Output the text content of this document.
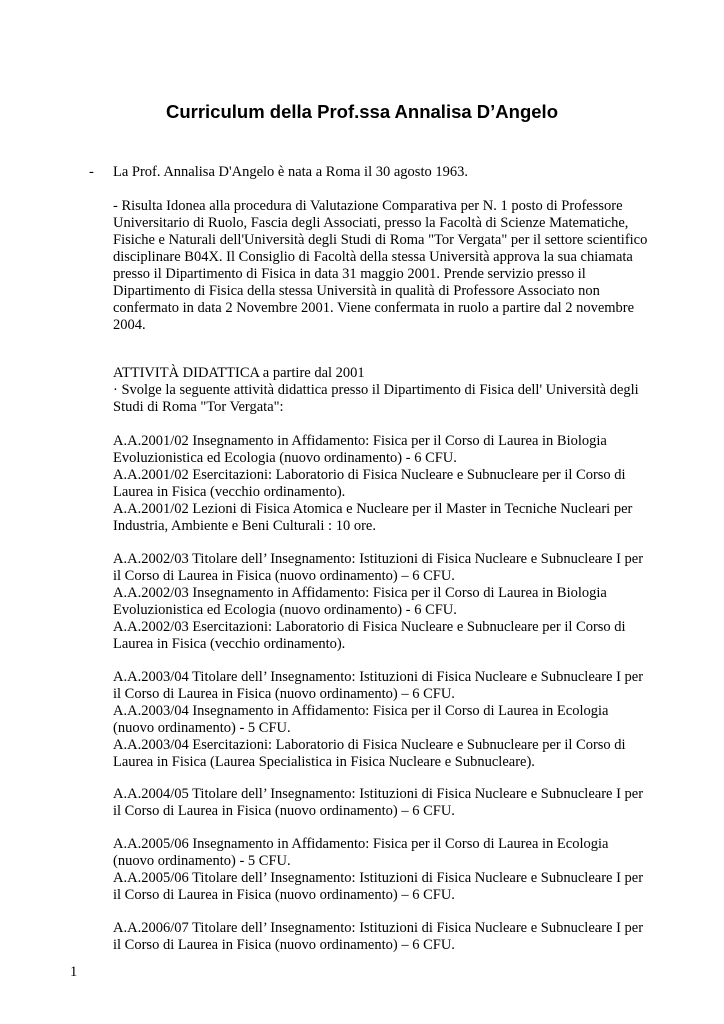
Curriculum della Prof.ssa Annalisa D’Angelo
- La Prof. Annalisa D'Angelo è nata a Roma il 30 agosto 1963.
- Risulta Idonea alla procedura di Valutazione Comparativa per N. 1 posto di Professore
Universitario di Ruolo, Fascia degli Associati, presso la Facoltà di Scienze Matematiche,
Fisiche e Naturali dell'Università degli Studi di Roma "Tor Vergata" per il settore scientifico
disciplinare B04X. Il Consiglio di Facoltà della stessa Università approva la sua chiamata
presso il Dipartimento di Fisica in data 31 maggio 2001. Prende servizio presso il
Dipartimento di Fisica della stessa Università in qualità di Professore Associato non
confermato in data 2 Novembre 2001. Viene confermata in ruolo a partire dal 2 novembre
2004.
ATTIVITÀ DIDATTICA a partire dal 2001
· Svolge la seguente attività didattica presso il Dipartimento di Fisica dell' Università degli
Studi di Roma "Tor Vergata":
A.A.2001/02 Insegnamento in Affidamento: Fisica per il Corso di Laurea in Biologia
Evoluzionistica ed Ecologia (nuovo ordinamento) - 6 CFU.
A.A.2001/02 Esercitazioni: Laboratorio di Fisica Nucleare e Subnucleare per il Corso di
Laurea in Fisica (vecchio ordinamento).
A.A.2001/02 Lezioni di Fisica Atomica e Nucleare per il Master in Tecniche Nucleari per
Industria, Ambiente e Beni Culturali : 10 ore.
A.A.2002/03 Titolare dell’ Insegnamento: Istituzioni di Fisica Nucleare e Subnucleare I per
il Corso di Laurea in Fisica (nuovo ordinamento) – 6 CFU.
A.A.2002/03 Insegnamento in Affidamento: Fisica per il Corso di Laurea in Biologia
Evoluzionistica ed Ecologia (nuovo ordinamento) - 6 CFU.
A.A.2002/03 Esercitazioni: Laboratorio di Fisica Nucleare e Subnucleare per il Corso di
Laurea in Fisica (vecchio ordinamento).
A.A.2003/04 Titolare dell’ Insegnamento: Istituzioni di Fisica Nucleare e Subnucleare I per
il Corso di Laurea in Fisica (nuovo ordinamento) – 6 CFU.
A.A.2003/04 Insegnamento in Affidamento: Fisica per il Corso di Laurea in Ecologia
(nuovo ordinamento) - 5 CFU.
A.A.2003/04 Esercitazioni: Laboratorio di Fisica Nucleare e Subnucleare per il Corso di
Laurea in Fisica (Laurea Specialistica in Fisica Nucleare e Subnucleare).
A.A.2004/05 Titolare dell’ Insegnamento: Istituzioni di Fisica Nucleare e Subnucleare I per
il Corso di Laurea in Fisica (nuovo ordinamento) – 6 CFU.
A.A.2005/06 Insegnamento in Affidamento: Fisica per il Corso di Laurea in Ecologia
(nuovo ordinamento) - 5 CFU.
A.A.2005/06 Titolare dell’ Insegnamento: Istituzioni di Fisica Nucleare e Subnucleare I per
il Corso di Laurea in Fisica (nuovo ordinamento) – 6 CFU.
A.A.2006/07 Titolare dell’ Insegnamento: Istituzioni di Fisica Nucleare e Subnucleare I per
il Corso di Laurea in Fisica (nuovo ordinamento) – 6 CFU.
1
